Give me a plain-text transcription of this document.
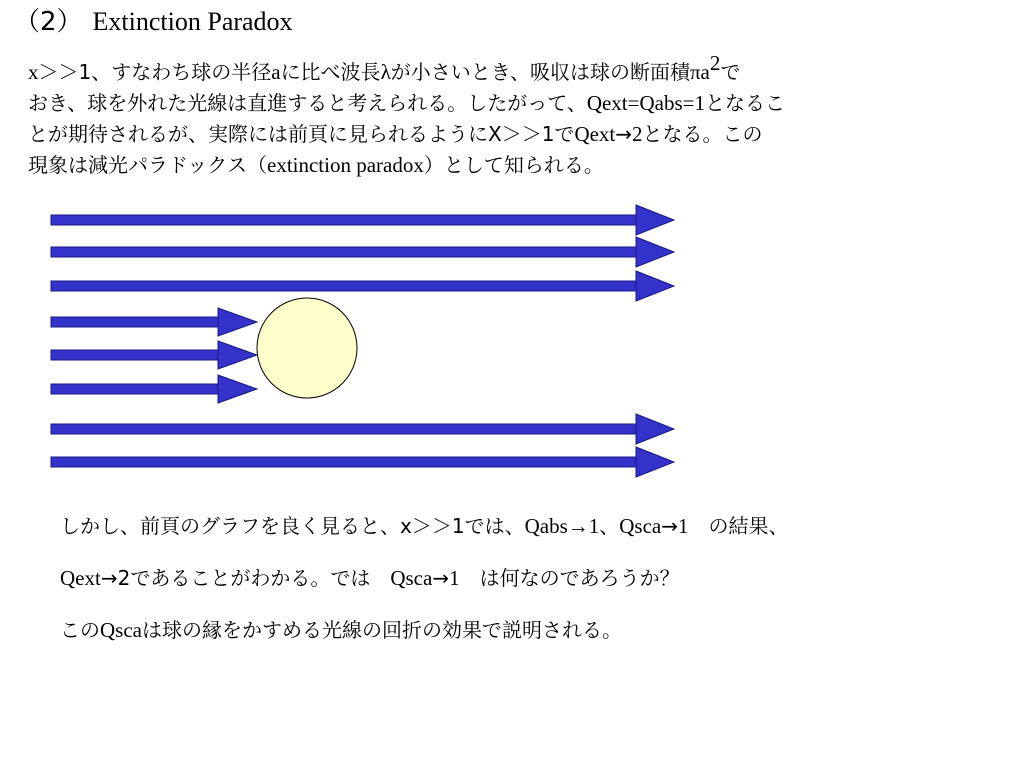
（2） Extinction Paradox
x＞＞1、すなわち球の半径aに比べ波長λが小さいとき、吸収は球の断面積$\pi a^2$で
おき、球を外れた光線は直進すると考えられる。したがって、Qext=Qabs=1となるこ
とが期待されるが、実際には前頁に見られるようにX＞＞1でQext→2となる。この
現象は減光パラドックス（extinction paradox）として知られる。
しかし、前頁のグラフを良く見ると、x＞＞1では、Qabs→1、Qsca→1　の結果、
Qext→2であることがわかる。では　Qsca→1　は何なのであろうか？
このQscaは球の縁をかすめる光線の回折の効果で説明される。
